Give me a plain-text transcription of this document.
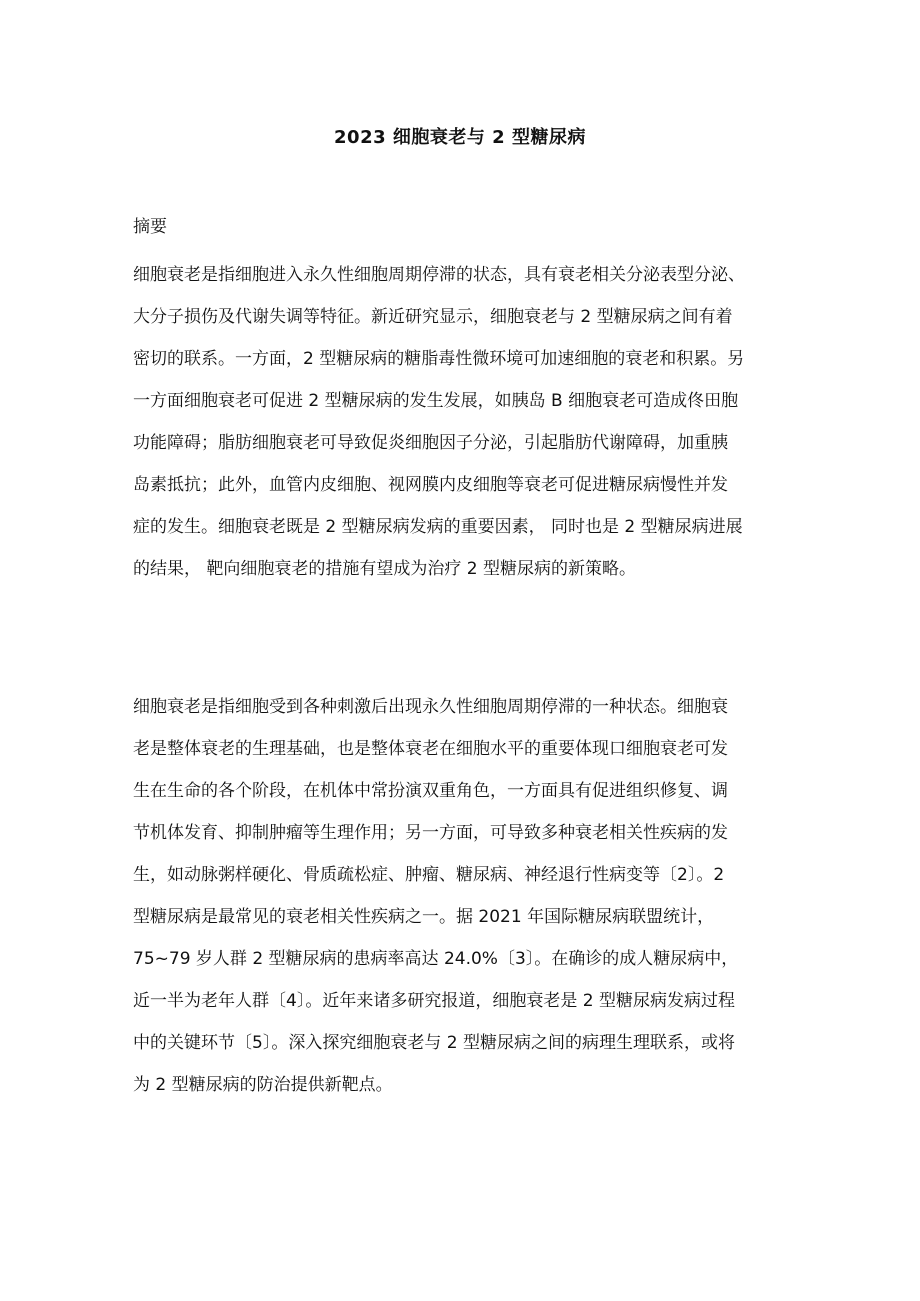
2023 细胞衰老与 2 型糖尿病
摘要
细胞衰老是指细胞进入永久性细胞周期停滞的状态，具有衰老相关分泌表型分泌、
大分子损伤及代谢失调等特征。新近研究显示，细胞衰老与 2 型糖尿病之间有着
密切的联系。一方面，2 型糖尿病的糖脂毒性微环境可加速细胞的衰老和积累。另
一方面细胞衰老可促进 2 型糖尿病的发生发展，如胰岛 B 细胞衰老可造成佟田胞
功能障碍；脂肪细胞衰老可导致促炎细胞因子分泌，引起脂肪代谢障碍，加重胰
岛素抵抗；此外，血管内皮细胞、视网膜内皮细胞等衰老可促进糖尿病慢性并发
症的发生。细胞衰老既是 2 型糖尿病发病的重要因素， 同时也是 2 型糖尿病进展
的结果， 靶向细胞衰老的措施有望成为治疗 2 型糖尿病的新策略。
细胞衰老是指细胞受到各种刺激后出现永久性细胞周期停滞的一种状态。细胞衰
老是整体衰老的生理基础，也是整体衰老在细胞水平的重要体现口细胞衰老可发
生在生命的各个阶段，在机体中常扮演双重角色，一方面具有促进组织修复、调
节机体发育、抑制肿瘤等生理作用；另一方面，可导致多种衰老相关性疾病的发
生，如动脉粥样硬化、骨质疏松症、肿瘤、糖尿病、神经退行性病变等〔2〕。2
型糖尿病是最常见的衰老相关性疾病之一。据 2021 年国际糖尿病联盟统计，
75~79 岁人群 2 型糖尿病的患病率高达 24.0%〔3〕。在确诊的成人糖尿病中，
近一半为老年人群〔4〕。近年来诸多研究报道，细胞衰老是 2 型糖尿病发病过程
中的关键环节〔5〕。深入探究细胞衰老与 2 型糖尿病之间的病理生理联系，或将
为 2 型糖尿病的防治提供新靶点。
